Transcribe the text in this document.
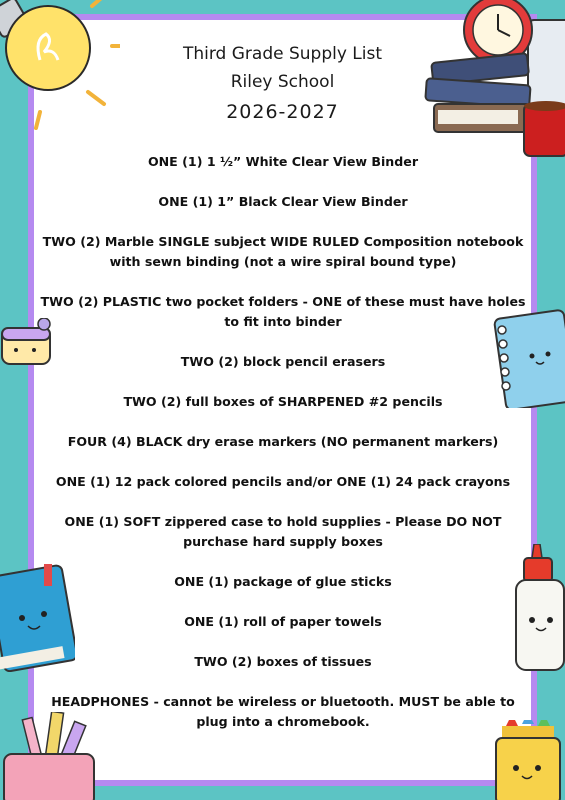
Third Grade Supply List
Riley School
2026-2027
ONE (1) 1 ½” White Clear View Binder
ONE (1) 1” Black Clear View Binder
TWO (2) Marble SINGLE subject WIDE RULED Composition notebook with sewn binding (not a wire spiral bound type)
TWO (2) PLASTIC two pocket folders - ONE of these must have holes to fit into binder
TWO (2) block pencil erasers
TWO (2) full boxes of SHARPENED #2 pencils
FOUR (4) BLACK dry erase markers (NO permanent markers)
ONE (1) 12 pack colored pencils and/or ONE (1) 24 pack crayons
ONE (1) SOFT zippered case to hold supplies - Please DO NOT purchase hard supply boxes
ONE (1) package of glue sticks
ONE (1) roll of paper towels
TWO (2) boxes of tissues
HEADPHONES - cannot be wireless or bluetooth. MUST be able to plug into a chromebook.
